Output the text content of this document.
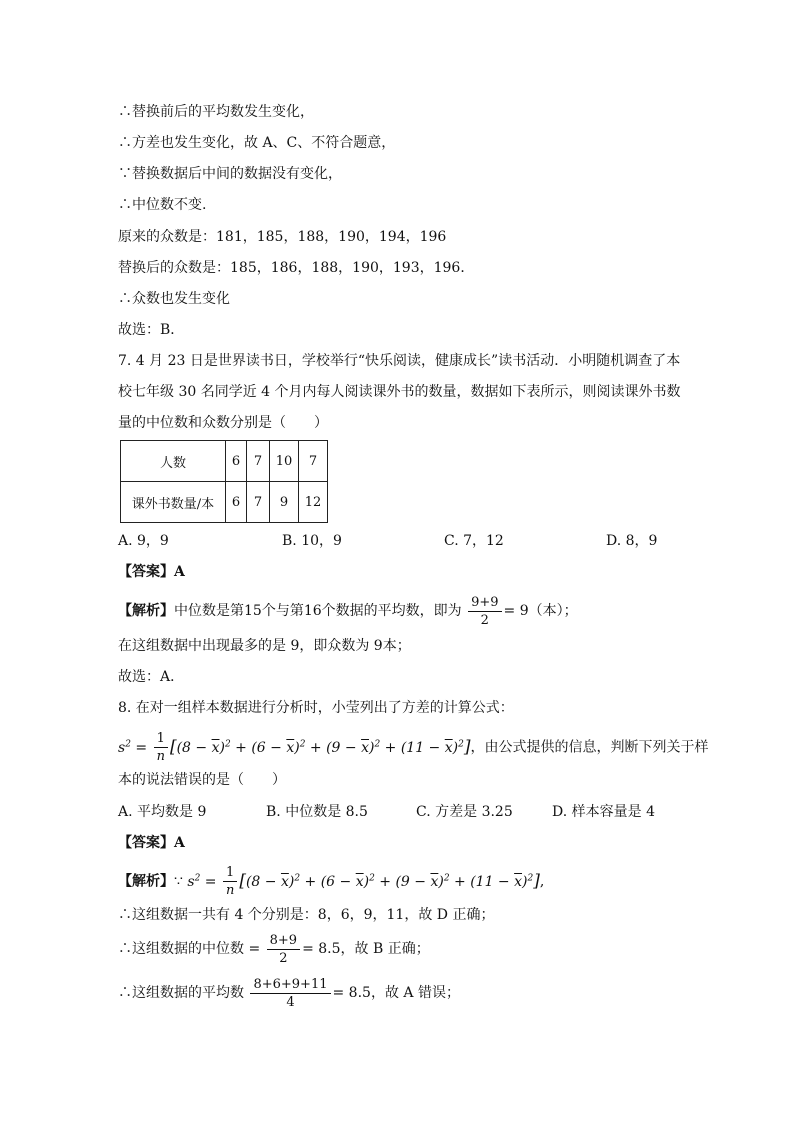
∴替换前后的平均数发生变化，
∴方差也发生变化，故 A、C、不符合题意，
∵替换数据后中间的数据没有变化，
∴中位数不变.
原来的众数是：181，185，188，190，194，196
替换后的众数是：185，186，188，190，193，196．
∴众数也发生变化
故选：B．
7. 4 月 23 日是世界读书日，学校举行“快乐阅读，健康成长”读书活动．小明随机调查了本
校七年级 30 名同学近 4 个月内每人阅读课外书的数量，数据如下表所示，则阅读课外书数
量的中位数和众数分别是（　　）
人数	6	7	10	7
课外书数量/本	6	7	9	12
A. 9，9	B. 10，9	C. 7，12	D. 8，9
【答案】A
【解析】中位数是第15个与第16个数据的平均数，即为 $\frac{9+9}{2} = 9$（本）；
在这组数据中出现最多的是 9，即众数为 9本；
故选：A．
8. 在对一组样本数据进行分析时，小莹列出了方差的计算公式：
$s^2 = \frac{1}{n} [(8 - \overline{x})^2 + (6 - \overline{x})^2 + (9 - \overline{x})^2 + (11 - \overline{x})^2]$，由公式提供的信息，判断下列关于样
本的说法错误的是（　　）
A. 平均数是 9	B. 中位数是 8.5	C. 方差是 3.25	D. 样本容量是 4
【答案】A
【解析】∵ $s^2 = \frac{1}{n} [(8 - \overline{x})^2 + (6 - \overline{x})^2 + (9 - \overline{x})^2 + (11 - \overline{x})^2]$,
∴这组数据一共有 4 个分别是：8，6，9，11，故 D 正确；
∴这组数据的中位数 = $\frac{8+9}{2} = 8.5$，故 B 正确；
∴这组数据的平均数 $\frac{8+6+9+11}{4} = 8.5$，故 A 错误；
